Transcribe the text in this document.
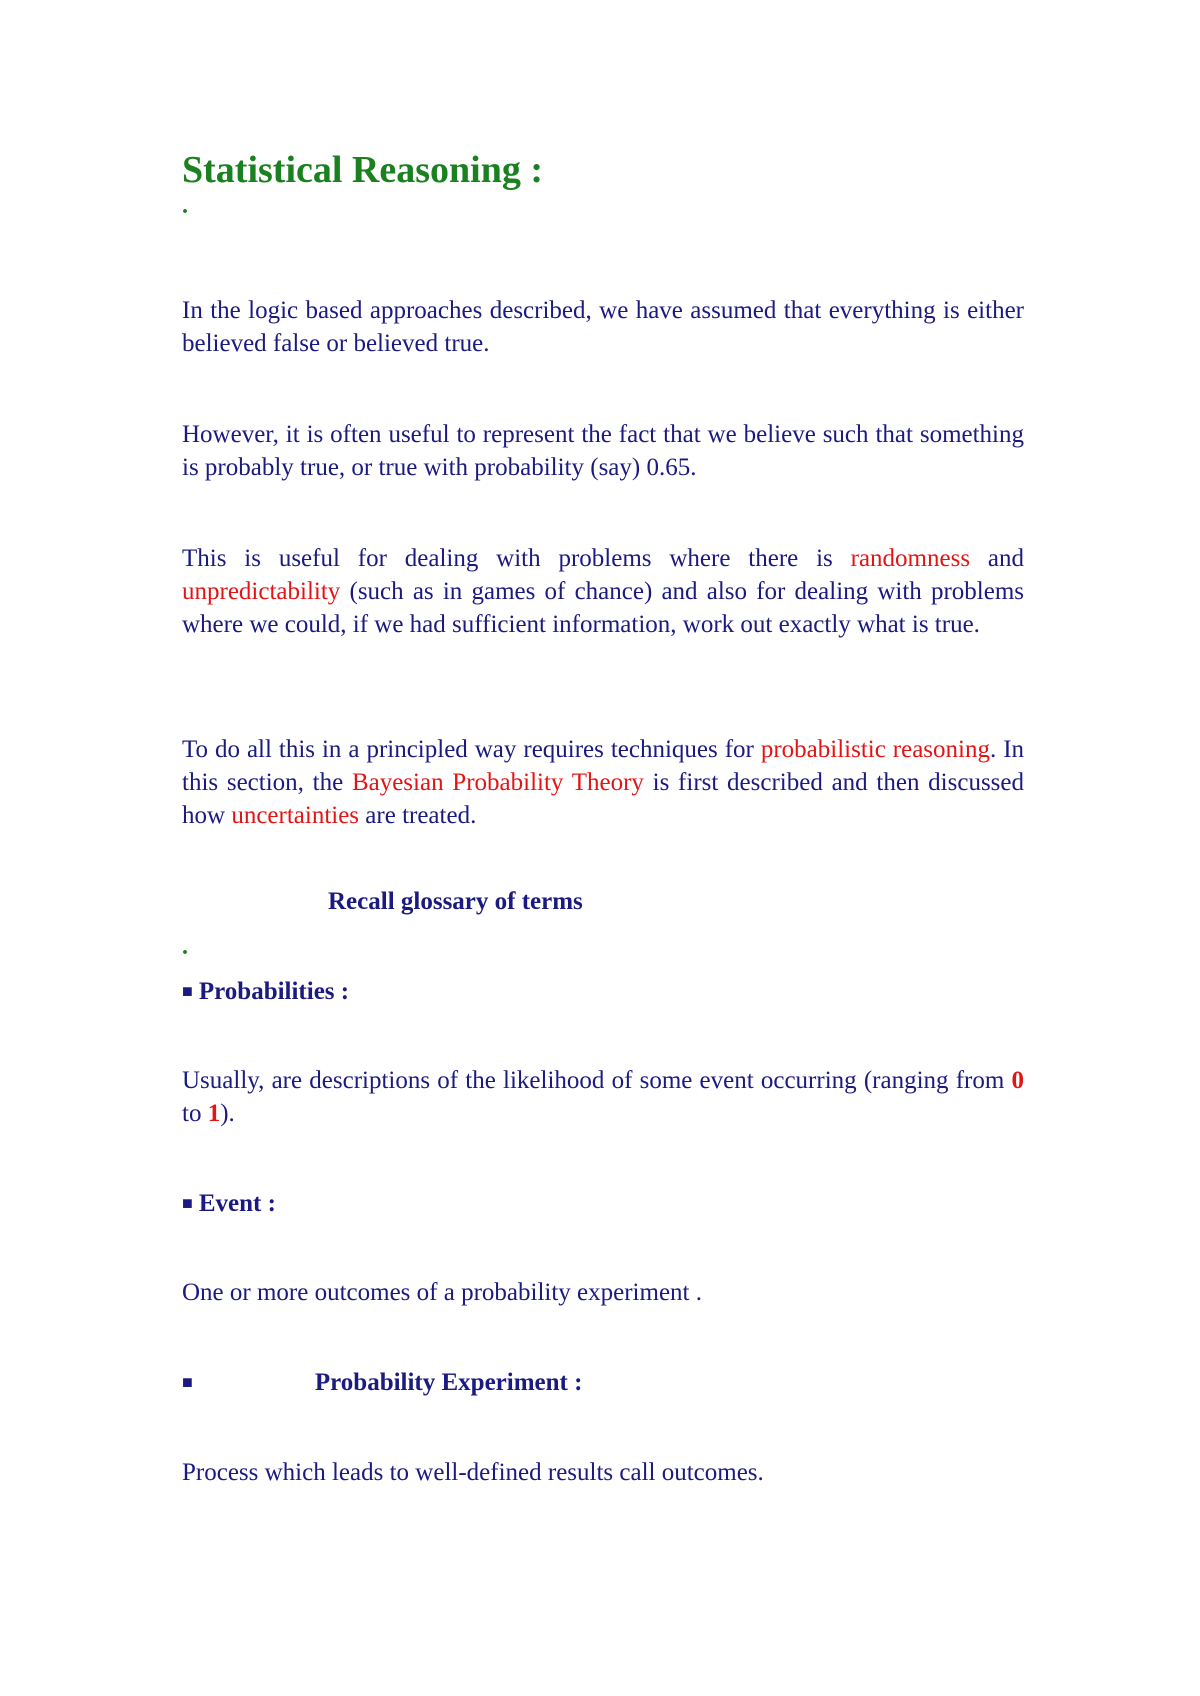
Statistical Reasoning :
.
In the logic based approaches described, we have assumed that everything is either believed false or believed true.
However, it is often useful to represent the fact that we believe such that something is probably true, or true with probability (say) 0.65.
This is useful for dealing with problems where there is randomness and unpredictability (such as in games of chance) and also for dealing with problems where we could, if we had sufficient information, work out exactly what is true.
To do all this in a principled way requires techniques for probabilistic reasoning. In this section, the Bayesian Probability Theory is first described and then discussed how uncertainties are treated.
Recall glossary of terms
.
■ Probabilities :
Usually, are descriptions of the likelihood of some event occurring (ranging from 0 to 1).
■ Event :
One or more outcomes of a probability experiment .
■	Probability Experiment :
Process which leads to well-defined results call outcomes.
